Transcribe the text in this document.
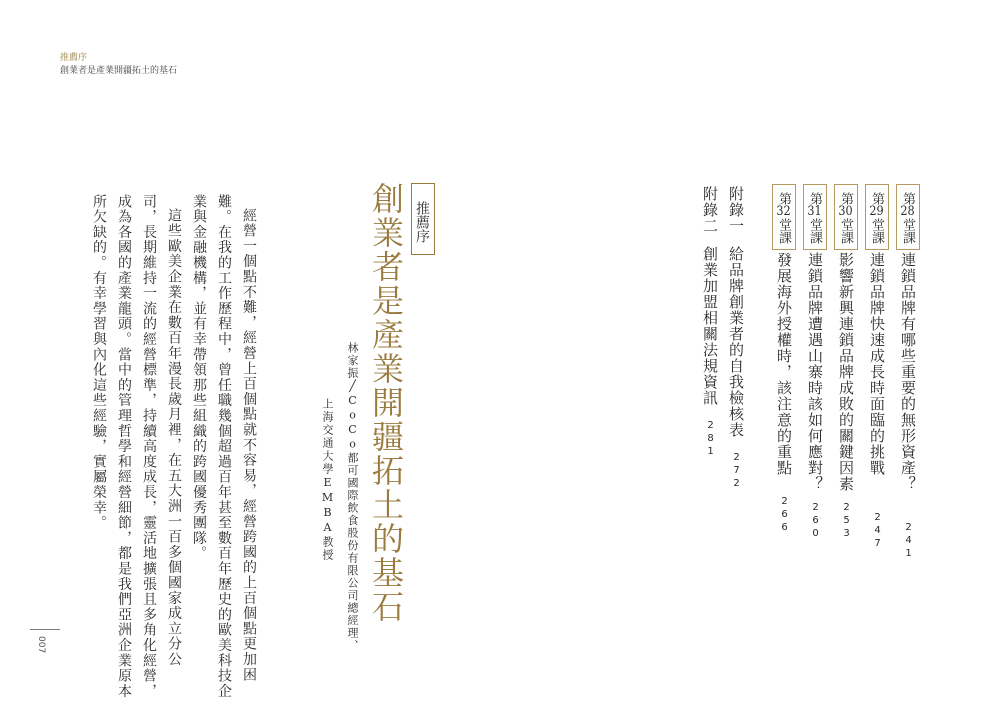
推薦序
創業者是產業開疆拓土的基石
007
第28堂課
連鎖品牌有哪些重要的無形資產？241
第29堂課
連鎖品牌快速成長時面臨的挑戰247
第30堂課
影響新興連鎖品牌成敗的關鍵因素253
第31堂課
連鎖品牌遭遇山寨時該如何應對？260
第32堂課
發展海外授權時，該注意的重點266
附錄一給品牌創業者的自我檢核表272
附錄二創業加盟相關法規資訊281
推薦序
創業者是產業開疆拓土的基石
林家振╱CoCo都可國際飲食股份有限公司總經理、
上海交通大學EMBA教授
經營一個點不難，經營上百個點就不容易，經營跨國的上百個點更加困
難。在我的工作歷程中，曾任職幾個超過百年甚至數百年歷史的歐美科技企
業與金融機構，並有幸帶領那些組織的跨國優秀團隊。
這些歐美企業在數百年漫長歲月裡，在五大洲一百多個國家成立分公
司，長期維持一流的經營標準，持續高度成長，靈活地擴張且多角化經營，
成為各國的產業龍頭。當中的管理哲學和經營細節，都是我們亞洲企業原本
所欠缺的。有幸學習與內化這些經驗，實屬榮幸。
